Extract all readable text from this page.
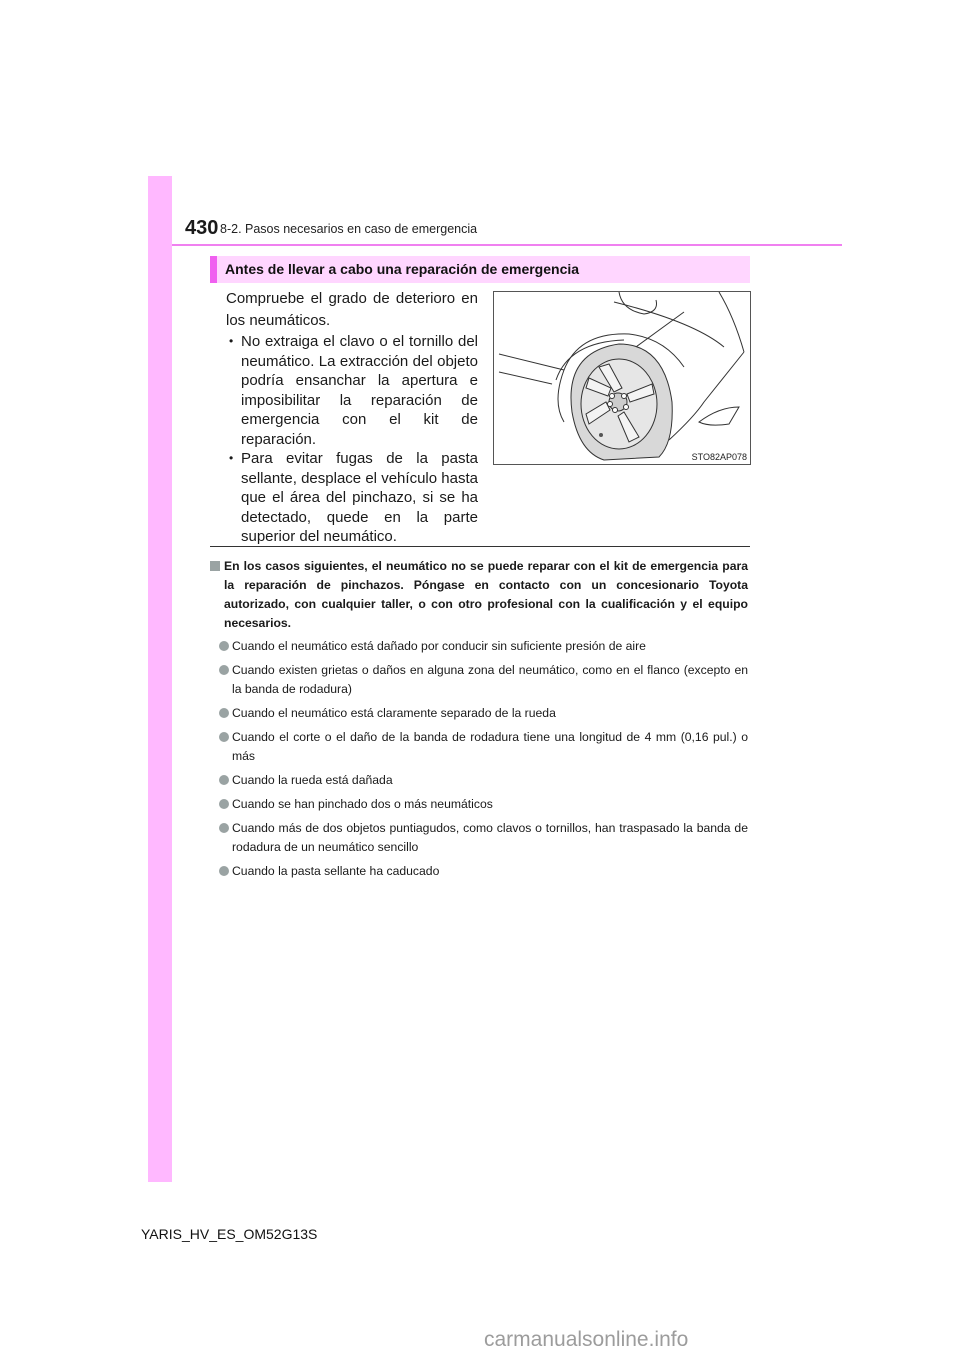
430 8-2. Pasos necesarios en caso de emergencia
Antes de llevar a cabo una reparación de emergencia

Compruebe el grado de deterioro en los neumáticos.

• No extraiga el clavo o el tornillo del neumático. La extracción del objeto podría ensanchar la apertura e imposibilitar la reparación de emergencia con el kit de reparación.
• Para evitar fugas de la pasta sellante, desplace el vehículo hasta que el área del pinchazo, si se ha detectado, quede en la parte superior del neumático.
STO82AP078
En los casos siguientes, el neumático no se puede reparar con el kit de emergencia para la reparación de pinchazos. Póngase en contacto con un concesionario Toyota autorizado, con cualquier taller, o con otro profesional con la cualificación y el equipo necesarios.
Cuando el neumático está dañado por conducir sin suficiente presión de aire
Cuando existen grietas o daños en alguna zona del neumático, como en el flanco (excepto en la banda de rodadura)
Cuando el neumático está claramente separado de la rueda
Cuando el corte o el daño de la banda de rodadura tiene una longitud de 4 mm (0,16 pul.) o más
Cuando la rueda está dañada
Cuando se han pinchado dos o más neumáticos
Cuando más de dos objetos puntiagudos, como clavos o tornillos, han traspasado la banda de rodadura de un neumático sencillo
Cuando la pasta sellante ha caducado
YARIS_HV_ES_OM52G13S
carmanualsonline.info
